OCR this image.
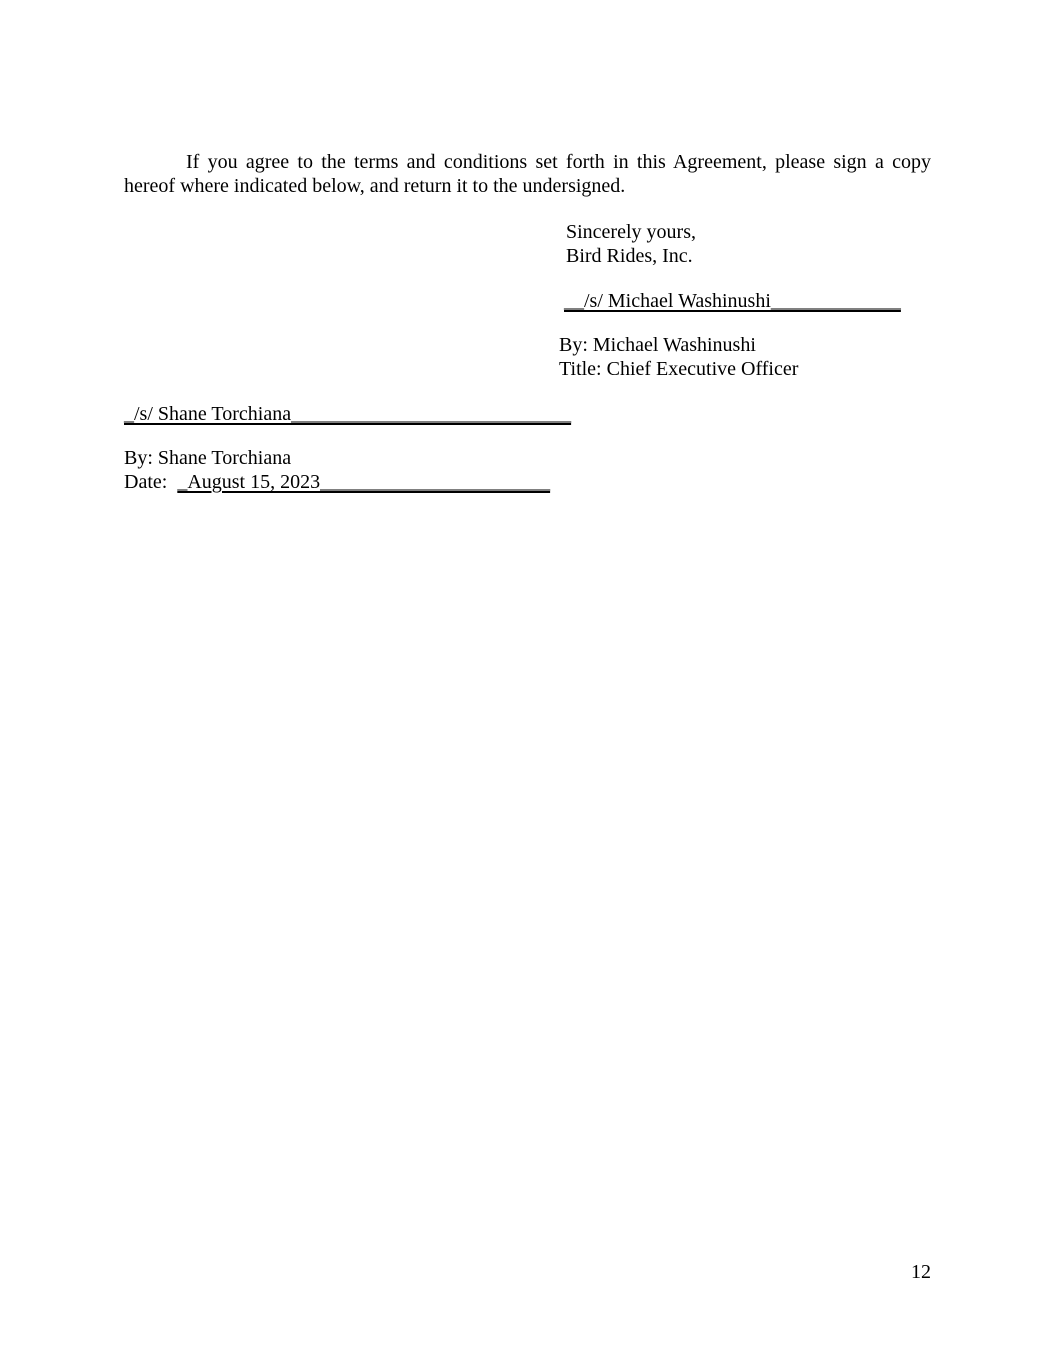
If you agree to the terms and conditions set forth in this Agreement, please sign a copy hereof where indicated below, and return it to the undersigned.

Sincerely yours,
Bird Rides, Inc.
__/s/ Michael Washinushi_____________
By: Michael Washinushi
Title: Chief Executive Officer
_/s/ Shane Torchiana____________________________
By: Shane Torchiana
Date:  _August 15, 2023_______________________
12
